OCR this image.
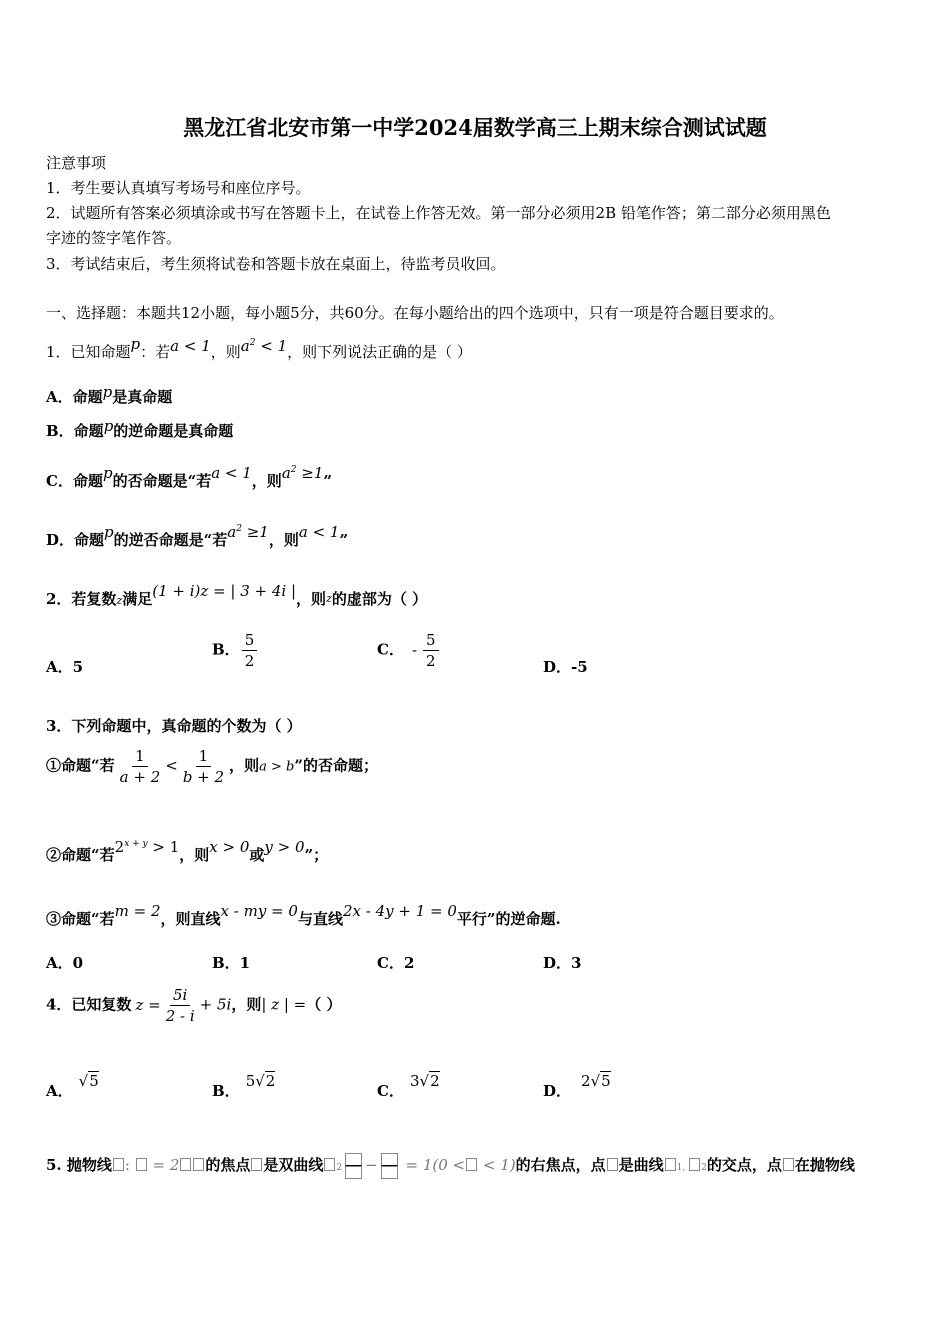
黑龙江省北安市第一中学2024届数学高三上期末综合测试试题
注意事项
1．考生要认真填写考场号和座位序号。
2．试题所有答案必须填涂或书写在答题卡上，在试卷上作答无效。第一部分必须用2B 铅笔作答；第二部分必须用黑色
字迹的签字笔作答。
3．考试结束后，考生须将试卷和答题卡放在桌面上，待监考员收回。
一、选择题：本题共12小题，每小题5分，共60分。在每小题给出的四个选项中，只有一项是符合题目要求的。
1．已知命题p：若a < 1，则$a^2 < 1$，则下列说法正确的是（ ）
A．命题p是真命题
B．命题p的逆命题是真命题
C．命题p的否命题是“若a < 1，则$a^2 \ge 1$”
D．命题p的逆否命题是“若$a^2 \ge 1$，则a < 1”
2．若复数z满足(1 + i)z = | 3 + 4i |，则z的虚部为（ ）
A．5
B． $\frac{5}{2}$	C． - $\frac{5}{2}$	D．-5
3．下列命题中，真命题的个数为（ ）
①命题“若 $\frac{1}{a + 2} < \frac{1}{b + 2}$ ，则a > b”的否命题；
②命题“若$2^{x + y} > 1$，则x > 0或y > 0”；
③命题“若m = 2，则直线x - my = 0与直线2x - 4y + 1 = 0平行”的逆命题.
A．0	B．1	C．2	D．3
4．已知复数 $z = \frac{5i}{2 - i} + 5i$，则| z | =（ ）
A．√5
B．5√2
C．3√2
D．2√5
5. 抛物线 :  = 2 的焦点 是双曲线 2 −
= 1(0 < < 1)的右焦点，点 是曲线 1, 2的交点，点 在抛物线
